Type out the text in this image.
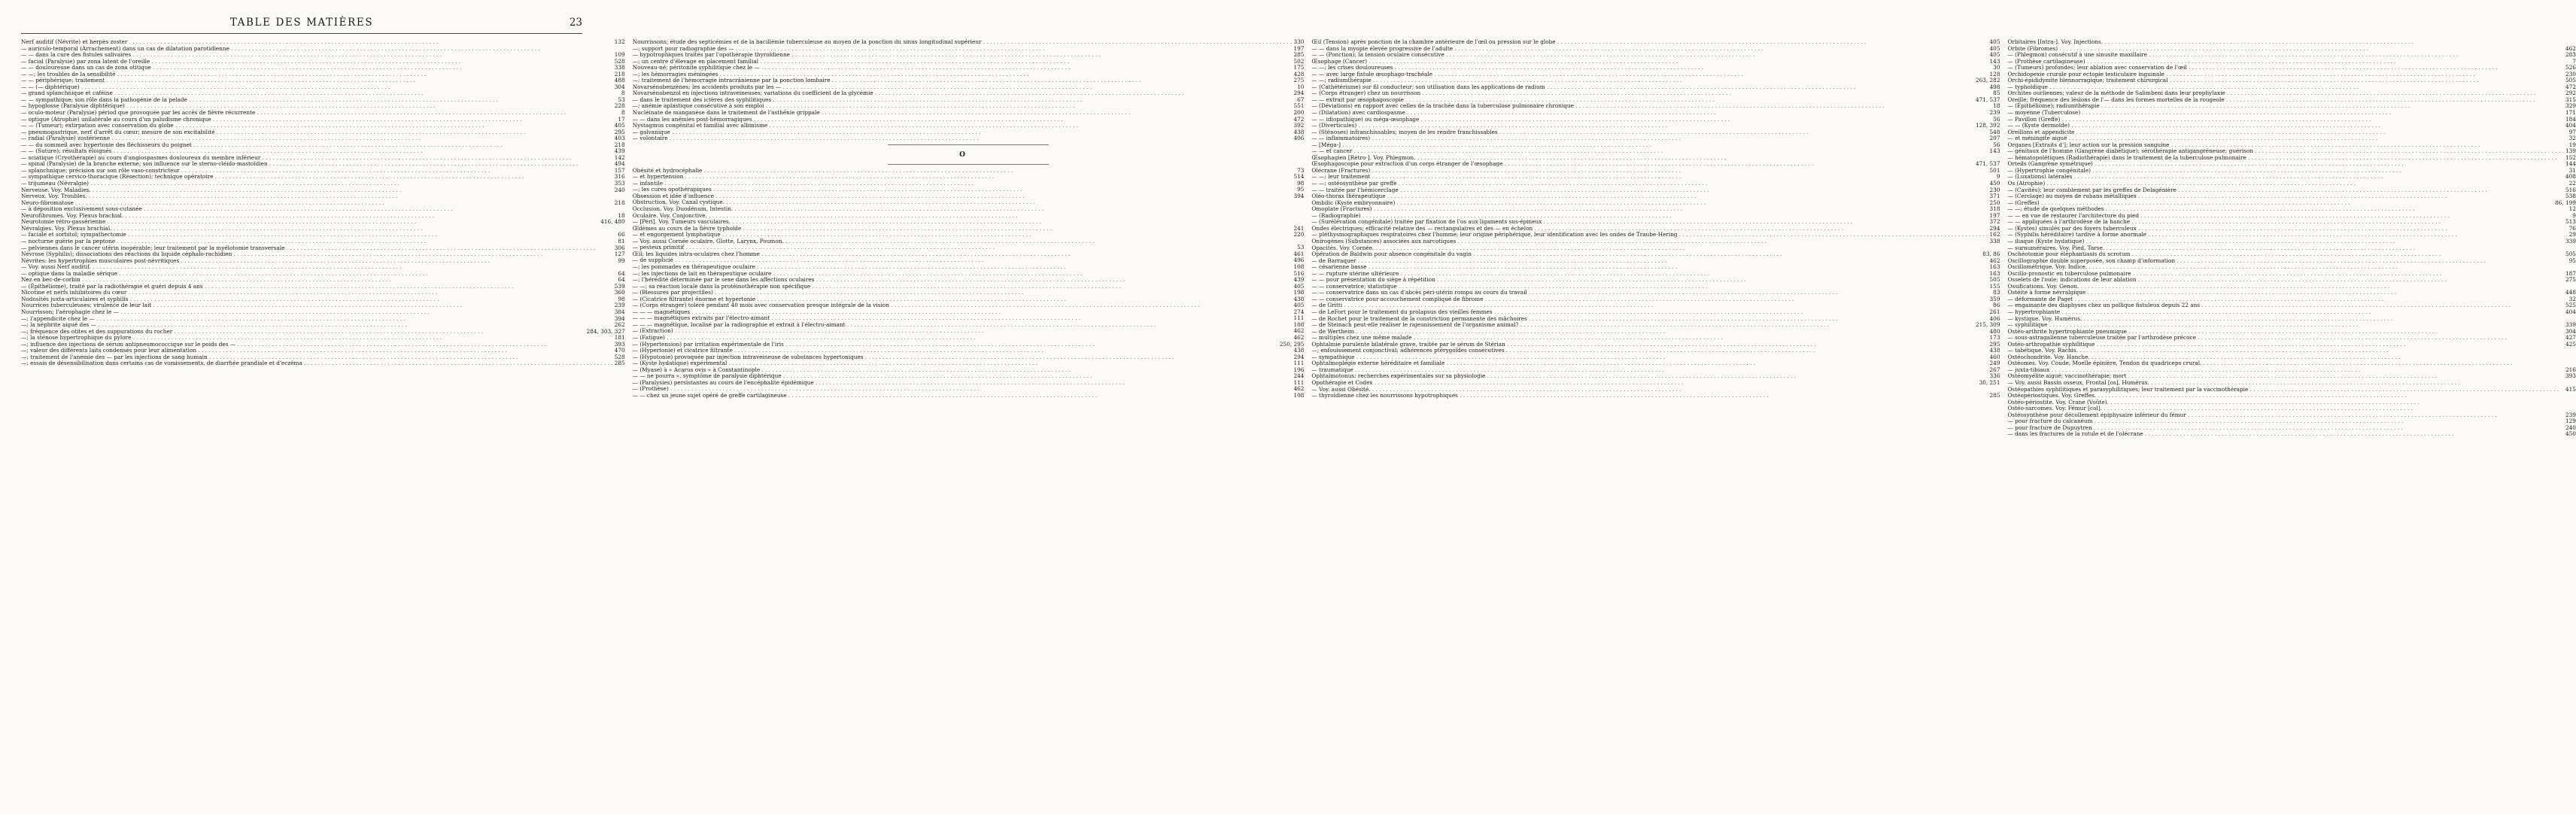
TABLE DES MATIÈRES	23
Nerf auditif (Névrite) et herpès zoster . . .	132
— auriculo-temporal (Arrachement) dans un cas de dilatation parotidienne . . .
— — dans la cure des fistules salivaires . . .	109
— facial (Paralysie) par zona latent de l'oreille . . .	528
— — douloureuse dans un cas de zona otitique . . .	338
— —; les troubles de la sensibilité . . .	218
— — périphérique; traitement . . .	488
— — (— diphtérique) . . .	304
— grand splanchnique et caféine . . .	8
— — sympathique; son rôle dans la pathogénie de la pelade . . .	53
— hypoglosse (Paralysie diphtérique) . . .	228
— oculo-moteur (Paralysie) périod que provoquée par les accès de fièvre récurrente . . .	8
— optique (Atrophie) unilatérale au cours d'un paludisme chronique . . .	17
— — (Tumeur); extirpation avec conservation du globe . . .	405
— pneumogastrique, nerf d'arrêt du cœur; mesure de son excitabilité . . .	295
— radial (Paralysie) zostérienne . . .	403
— — du sommeil avec hypertonie des fléchisseurs du poignet . . .	218
— — (Suture); résultats éloignés . . .	439
— sciatique (Cryothérapie) au cours d'angiospasmes douloureux du membre inférieur . . .	142
— spinal (Paralysie) de la branche externe; son influence sur le sterno-cléido-mastoïdien . . .	494
— splanchnique; précision sur son rôle vaso-constricteur . . .	157
— sympathique cervico-thoracique (Résection); technique opératoire . . .	316
— trijumeau (Névralgie) . . .	353
Nerveuse. Voy. Maladies. . . .	240
Nerveux. Voy. Troubles. . . .
Neuro-fibromatose . . .	218
— à déposition exclusivement sous-cutanée . . .
Neurofibromes. Voy. Plexus brachial. . . .	18
Neurotomie rétro-gassérienne . . .	416, 480
Névralgies. Voy. Plexus brachial. . . .
— faciale et sorbitol; sympathectomie . . .	66
— nocturne guérie par la peptone . . .	81
— pelviennes dans le cancer utérin inopérable; leur traitement par la myélotomie transversale . . .	306
Névrose (Syphilis); dissociations des réactions du liquide céphalo-rachidien . . .	127
Névrites: les hypertrophies musculaires post-névritiques . . .	99
— Voy. aussi Nerf auditif. . . .
— optique dans la maladie sérique . . .	64
Nez en bec-de-corbin . . .	64
— (Épithéliome), traité par la radiothérapie et guéri depuis 4 ans . . .	539
Nicotine et nerfs inhibitoires du cœur . . .	360
Nodosités juxta-articulaires et syphilis . . .	98
Nourrices tuberculeuses; virulence de leur lait . . .	239
Nourrisson; l'aérophagie chez le — . . .	384
—; l'appendicite chez le — . . .	394
—; la néphrite aiguë des — . . .	262
—; fréquence des otites et des suppurations du rocher . . .	284, 303, 327
—; la sténose hypertrophique du pylore . . .	181
—; influence des injections de sérum antipneumococcique sur le poids des — . . .	393
—; valeur des différents laits condensés pour leur alimentation . . .	470
—; traitement de l'anémie des — par les injections de sang humain . . .	528
—; essais de désensibilisation dans certains cas de vomissements, de diarrhée prandiale et d'eczéma . . .	285
Nourrissons; étude des septicémies et de la bacillémie tuberculeuse au moyen de la ponction du sinus longitudinal supérieur . . .	330
—; support pour radiographie des — . . .	197
— hypotrophiques traités par l'opothérapie thyroïdienne . . .	285
—; un centre d'élevage en placement familial . . .	502
Nouveau-né; péritonite syphilitique chez le — . . .	175
—; les hémorragies méningées . . .	428
—; traitement de l'hémorragie intracrânienne par la ponction lombaire . . .	275
Novarsénobenzènes; les accidents produits par les — . . .	10
Novarsénobenzol en injections intraveineuses; variations du coefficient de la glycémie . . .	294
— dans le traitement des ictères des syphilitiques . . .	67
—; anémie aplastique consécutive à son emploi . . .	551
Nucléinate de manganèse dans le traitement de l'asthénie grippale . . .	200
— — dans les anémies post-hémorragiques . . .	472
Nystagmus congénital et familial avec albinisme . . .	392
— galvanique . . .	438
— volontaire . . .	406
O
Obésité et hydrocéphalie . . .	73
— et hypertension . . .	514
— infantile . . .	98
—; les cures opothérapiques . . .	95
Obsession et idée d'influence . . .	394
Obstruction. Voy. Canal cystique. . . .
Occlusion. Voy. Duodénum, Intestin. . . .
Oculaire. Voy. Conjonctive. . . .
— [Péri]. Voy. Tumeurs vasculaires. . . .
Œdèmes au cours de la fièvre typhoïde . . .	241
— et engorgement lymphatique . . .	220
— Voy. aussi Cornée oculaire, Glotte, Larynx, Poumon. . . .
— pesteux primitif . . .	53
Œil; les liquides intra-oculaires chez l'homme . . .	461
— de supplicié . . .	496
—; les pommades en thérapeutique oculaire . . .	108
—; les injections de lait en thérapeutique oculaire . . .	516
—; l'hérédité déterminée par le sexe dans les affections oculaires . . .	439
— —; sa réaction locale dans la protéinothérapie non spécifique . . .	405
— (Blessures par projectiles) . . .	198
— (Cicatrice filtrante) énorme et hypertonie . . .	438
— (Corps étranger) toléré pendant 40 mois avec conservation presque intégrale de la vision . . .	405
— — — magnétiques . . .	274
— — — magnétiques extraits par l'électro-aimant . . .	111
— — — magnétique, localisé par la radiographie et extrait à l'électro-aimant . . .	108
— (Extraction) . . .	462
— (Fatigue) . . .	462
— (Hypertension) par irritation expérimentale de l'iris . . .	250, 295
— (Hypertonie) et cicatrice filtrante . . .	438
— (Hypotonie) provoquée par injection intraveineuse de substances hypertoniques . . .	294
— (Kyste hydatique) expérimental . . .	111
— (Myase) à « Acarus ovis » à Constantinople . . .	196
— — ne pourra », symptôme de paralysie diphtérique . . .	244
— (Paralysies) persistantes au cours de l'encéphalite épidémique . . .	111
— (Prothèse) . . .	462
— — chez un jeune sujet opéré de greffe cartilagineuse . . .	108
Œil (Tension) après ponction de la chambre antérieure de l'œil ou pression sur le globe . . .	405
— — dans la myopie élevée progressive de l'adulte . . .	405
— — (Ponction); la tension oculaire consécutive . . .	405
Œsophage (Cancer) . . .	143
— —; les crises douloureuses . . .	30
— — avec large fistule œsophago-trachéale . . .	128
— —; radiumthérapie . . .	263, 282
— (Cathétérisme) sur fil conducteur; son utilisation dans les applications de radium . . .	498
— (Corps étranger) chez un nourrisson . . .	85
— — extrait par œsophagoscopie . . .	471, 537
— (Déviations) en rapport avec celles de la trachée dans la tuberculose pulmonaire chronique . . .	18
— (Dilatation) avec cardiospasme . . .	239
— — idiopathique) ou méga-œsophage . . .	56
— (Diverticules) . . .	128, 392
— (Sténoses) infranchissables; moyen de les rendre franchissables . . .	548
— — inflammatoires) . . .	207
— [Méga-] . . .	56
— — et cancer . . .	143
Œsophagien [Rétro-]. Voy. Phlegmon. . . .
Œsophagoscopie pour extraction d'un corps étranger de l'œsophage . . .	471, 537
Olécrane (Fractures) . . .	501
— —; leur traitement . . .	9
— —; ostéosynthèse par greffe . . .	450
— — traitée par l'hémicerclage . . .	230
Oléo-thorax thérapeutique . . .	371
Ombilic (Kyste embryonnaire) . . .	250
Omoplate (Fractures) . . .	318
— (Radiographie) . . .	197
— (Surélévation congénitale) traitée par fixation de l'os aux ligaments sus-épineux . . .	372
Ondes électriques; efficacité relative des — rectangulaires et des — en échelon . . .	294
— pléthysmographiques respiratoires chez l'homme; leur origine périphérique, leur identification avec les ondes de Traube-Hering . . .	162
Onirogènes (Substances) associées aux narcotiques . . .	338
Opacités. Voy. Cornée. . . .
Opération de Baldwin pour absence congénitale du vagin . . .	83, 86
— de Barraquer . . .	462
— césarienne basse . . .	163
— — rupture utérine ultérieure . . .	163
— — pour présentation du siège à répétition . . .	505
— — conservatrice; statistique . . .	155
— — conservatrice dans un cas d'abcès péri-utérin rompu au cours du travail . . .	83
— — conservatrice pour accouchement compliqué de fibrome . . .	359
— de Gritti . . .	86
— de LeFort pour le traitement du prolapsus des vieilles femmes . . .	261
— de Rochet pour le traitement de la constriction permanente des mâchoires . . .	406
— de Steinach peut-elle réaliser le rajeunissement de l'organisme animal? . . .	215, 309
— de Wertheim . . .	480
— multiples chez une même malade . . .	173
Ophtalmie purulente bilatérale grave, traitée par le sérum de Stérian . . .	295
—; enfouissement conjonctival; adhérences ptérygoïdes consécutives . . .	438
— sympathique . . .	460
Ophtalmoplégie externe héréditaire et familiale . . .	249
— traumatique . . .	267
Ophtalmotonus: recherches expérimentales sur sa physiologie . . .	336
Opothérapie et Codex . . .	30, 251
— Voy. aussi Obésité. . . .
— thyroïdienne chez les nourrissons hypotrophiques . . .	285
Orbitaires [Intra-]. Voy. Injections. . . .
Orbite (Fibromes) . . .	462
— (Phlegmon) consécutif à une sinusite maxillaire . . .	283
— (Prothèse cartilagineuse) . . .	7
— (Tumeurs) profondes; leur ablation avec conservation de l'œil . . .	526
Orchidopexie crurale pour ectopie testiculaire inguinale . . .	230
Orchi-épididymite blennorragique; traitement chirurgical . . .	505
— typhoïdique . . .	472
Orchites ourliennes; valeur de la méthode de Salimbeni dans leur prophylaxie . . .	292
Oreille; fréquence des lésions de l'— dans les formes mortelles de la rougeole . . .	315
— (Épithéliome); radiumthérapie . . .	329
— moyenne (Tuberculose) . . .	171
— Pavillon (Greffe) . . .	184
— — (Kyste dermoïde) . . .	404
Oreillons et appendicite . . .	97
— et méningite aiguë . . .	32
Organes [Extraits d']; leur action sur la pression sanguine . . .	19
— génitaux de l'homme (Gangrène diabétique); sérothérapie antigangréneuse; guérison . . .	139
— hématopoïétiques (Radiothérapie) dans le traitement de la tuberculose pulmonaire . . .	152
Orteils (Gangrène symétrique) . . .	144
— (Hypertrophie congénitale) . . .	31
— (Luxations) latérales . . .	408
Os (Atrophie) . . .	22
— (Cavités); leur comblement par les greffes de Delagénière . . .	516
— (Cerclage) au moyen de rubans métalliques . . .	538
— (Greffes) . . .	86, 199
— —; étude de quelques méthodes . . .	12
— — en vue de restaurer l'architecture du pied . . .	9
— — appliquées à l'arthrodèse de la hanche . . .	513
— (Kystes) simulés par des foyers tuberculeux . . .	76
— (Syphilis héréditaire) tardive à forme anormale . . .	29
— iliaque (Kyste hydatique) . . .	339
— surnuméraires. Voy. Pied, Tarse. . . .
Oschéotomie pour éléphantiasis du scrotum . . .	505
Oscillographie double superposée, son champ d'information . . .	95
Oscillométrique. Voy. Indice. . . .
Oscillo-pronostic en tuberculose pulmonaire . . .	187
Osselets de l'ouïe; indications de leur ablation . . .	275
Ossifications. Voy. Genou. . . .
Ostéite à forme névralgique . . .	448
— déformante de Paget . . .	32
— engainante des diaphyses chez un pollique fistuleux depuis 22 ans . . .	525
— hypertrophiante . . .	404
— kystique. Voy. Humérus. . . .
— syphilitique . . .	339
Ostéo-arthrite hypertrophiante pneumique . . .	304
— sous-astragalienne tuberculeuse traitée par l'arthrodèse précoce . . .	427
Ostéo-arthropathie syphilitique . . .	425
— tabétique. Voy. Rachis. . . .
Ostéochondrite. Voy. Hanche. . . .
Ostéomes. Voy. Coude, Moelle épinière, Tendon du quadriceps crural. . . .
— juxta-tibiaux . . .	216
Ostéomyélite aiguë; vaccinothérapie; mort . . .	393
— Voy. aussi Bassin osseux, Frontal [os], Humérus. . . .
Ostéopathies syphilitiques et parasyphilitiques; leur traitement par la vaccinothérapie . . .	415
Ostéopériostiques. Voy. Greffes. . . .
Ostéo-périostite. Voy. Crane (Voûte). . . .
Ostéo-sarcomes. Voy. Fémur [col]. . . .
Ostéosynthèse pour décollement épiphysaire inférieur du fémur . . .	239
— pour fracture du calcanéum . . .	129
— pour fracture de Dupuytren . . .	240
— dans les fractures de la rotule et de l'olécrane . . .	450
